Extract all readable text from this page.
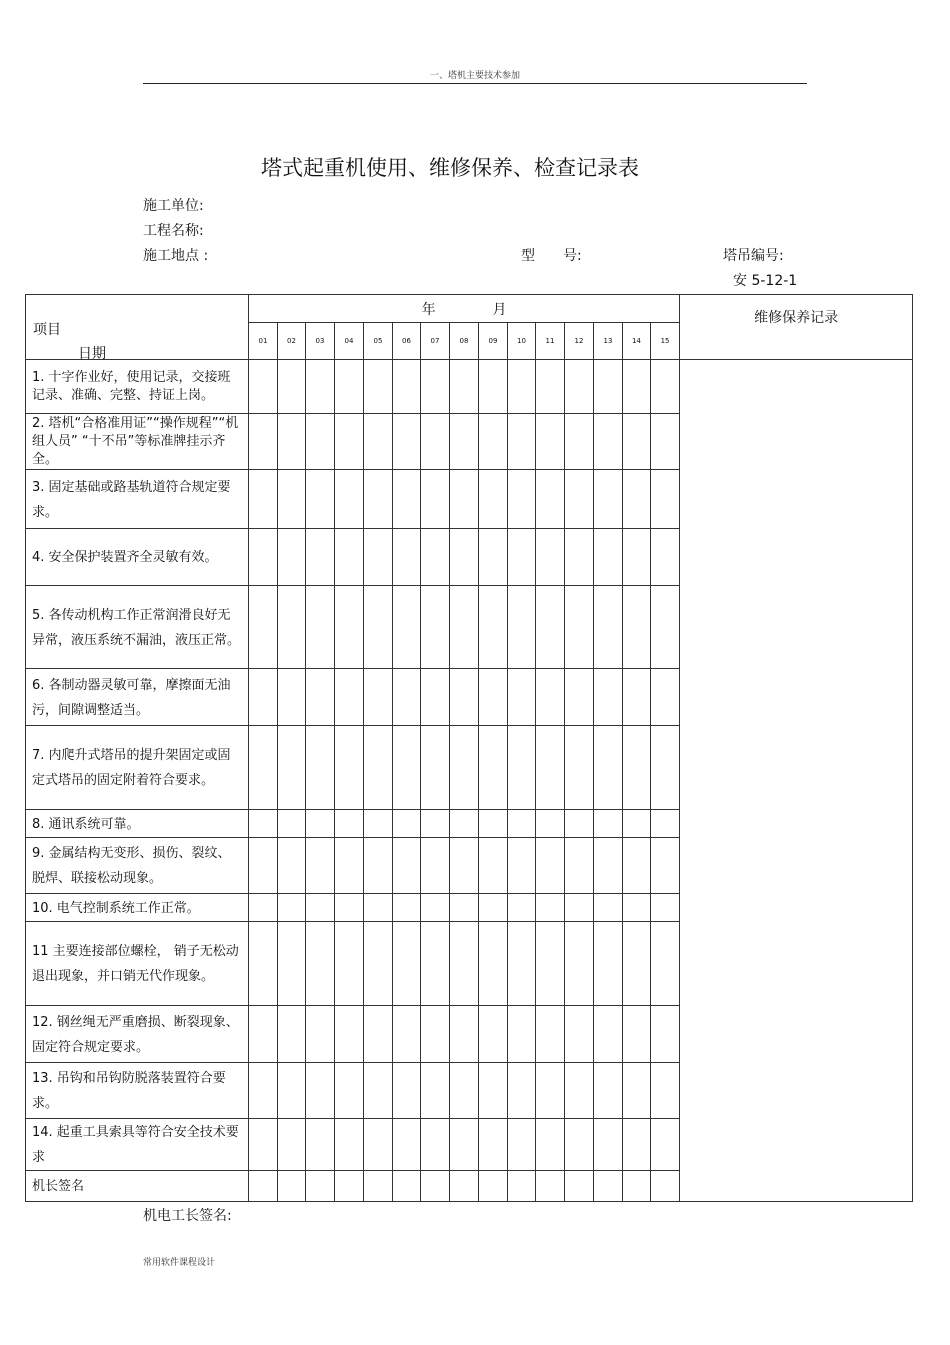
一、塔机主要技术参加
塔式起重机使用、维修保养、检查记录表
施工单位:
工程名称:
施工地点 :	型　　号:	塔吊编号:
安 5-12-1
项目
日期	年 月															维修保养记录
	01	02	03	04	05	06	07	08	09	10	11	12	13	14	15	
1. 十字作业好，使用记录，交接班记录、准确、完整、持证上岗。																
2. 塔机“合格准用证”“操作规程”“机组人员” “十不吊”等标准牌挂示齐全。																
3. 固定基础或路基轨道符合规定要求。																
4. 安全保护装置齐全灵敏有效。																
5. 各传动机构工作正常润滑良好无异常，液压系统不漏油，液压正常。																
6. 各制动器灵敏可靠，摩擦面无油污，间隙调整适当。																
7. 内爬升式塔吊的提升架固定或固定式塔吊的固定附着符合要求。																
8. 通讯系统可靠。																
9. 金属结构无变形、损伤、裂纹、脱焊、联接松动现象。																
10. 电气控制系统工作正常。																
11 主要连接部位螺栓， 销子无松动退出现象，并口销无代作现象。																
12. 钢丝绳无严重磨损、断裂现象、固定符合规定要求。																
13. 吊钩和吊钩防脱落装置符合要求。																
14. 起重工具索具等符合安全技术要求																
机长签名																
机电工长签名:
常用软件课程设计
